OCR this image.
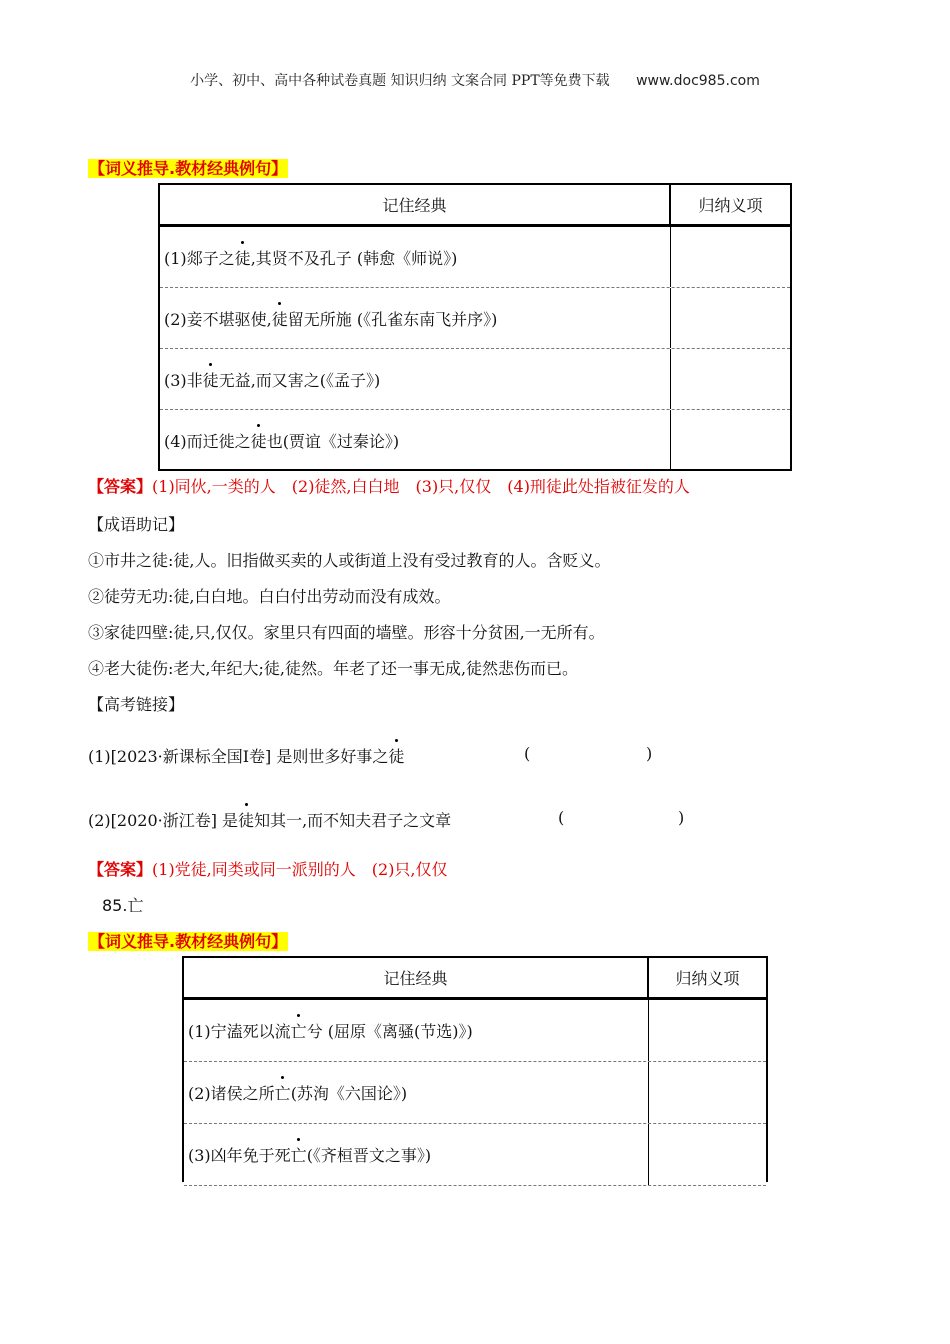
小学、初中、高中各种试卷真题 知识归纳 文案合同 PPT等免费下载 www.doc985.com
【词义推导.教材经典例句】
记住经典	归纳义项
(1)郯子之 徒 ,其贤不及孔子 (韩愈《师说》)
(2)妾不堪驱使, 徒 留无所施 (《孔雀东南飞并序》)
(3)非 徒 无益,而又害之(《孟子》)
(4)而迁徙之 徒 也(贾谊《过秦论》)
【答案】(1)同伙,一类的人　(2)徒然,白白地　(3)只,仅仅　(4)刑徒此处指被征发的人
【成语助记】
①市井之徒:徒,人。旧指做买卖的人或街道上没有受过教育的人。含贬义。
②徒劳无功:徒,白白地。白白付出劳动而没有成效。
③家徒四壁:徒,只,仅仅。家里只有四面的墙壁。形容十分贫困,一无所有。
④老大徒伤:老大,年纪大;徒,徒然。年老了还一事无成,徒然悲伤而已。
【高考链接】
(1)[2023·新课标全国Ⅰ卷] 是则世多好事之徒	(	)
(2)[2020·浙江卷] 是徒知其一,而不知夫君子之文章	(	)
【答案】(1)党徒,同类或同一派别的人　(2)只,仅仅
85.亡
【词义推导.教材经典例句】
记住经典	归纳义项
(1)宁溘死以流 亡 兮 (屈原《离骚(节选)》)
(2)诸侯之所 亡 (苏洵《六国论》)
(3)凶年免于死 亡 (《齐桓晋文之事》)
